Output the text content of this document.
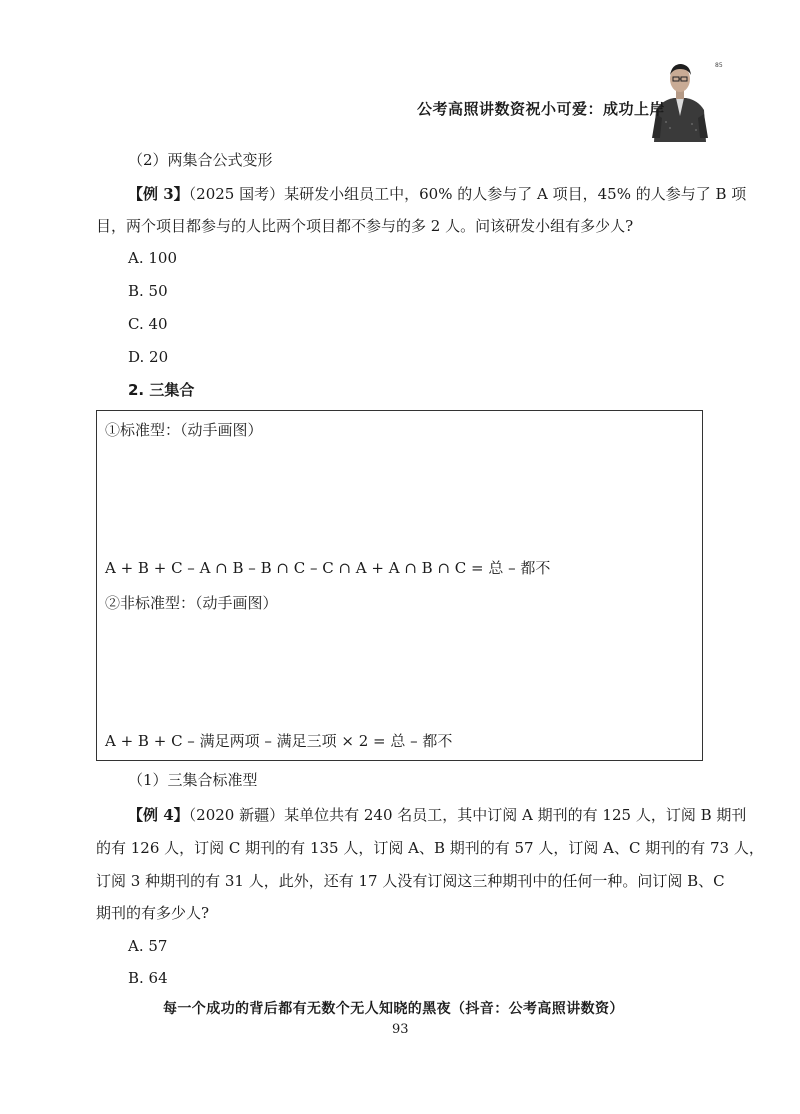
85
公考高照讲数资祝小可爱：成功上岸
（2）两集合公式变形
【例 3】（2025 国考）某研发小组员工中，60% 的人参与了 A 项目，45% 的人参与了 B 项
目，两个项目都参与的人比两个项目都不参与的多 2 人。问该研发小组有多少人?
A. 100
B. 50
C. 40
D. 20
2. 三集合
①标准型：（动手画图）
A + B + C – A ∩ B – B ∩ C – C ∩ A + A ∩ B ∩ C = 总 – 都不
②非标准型：（动手画图）
A + B + C – 满足两项 – 满足三项 × 2 = 总 – 都不
（1）三集合标准型
【例 4】（2020 新疆）某单位共有 240 名员工，其中订阅 A 期刊的有 125 人，订阅 B 期刊
的有 126 人，订阅 C 期刊的有 135 人，订阅 A、B 期刊的有 57 人，订阅 A、C 期刊的有 73 人，
订阅 3 种期刊的有 31 人，此外，还有 17 人没有订阅这三种期刊中的任何一种。问订阅 B、C
期刊的有多少人?
A. 57
B. 64
每一个成功的背后都有无数个无人知晓的黑夜（抖音：公考高照讲数资）
93
